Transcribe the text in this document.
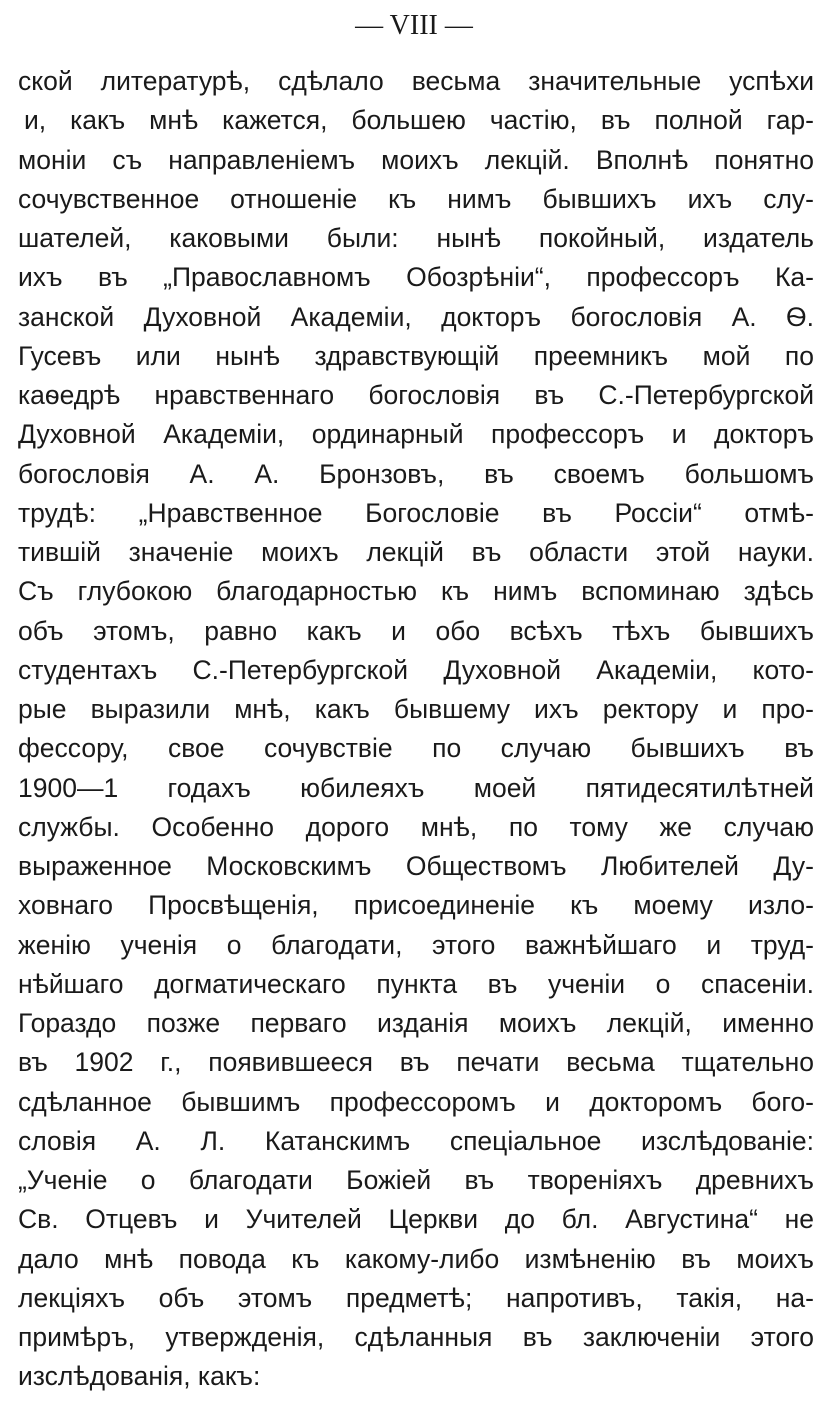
— VIII —
ской литературѣ, сдѣлало весьма значительные успѣхи
и, какъ мнѣ кажется, большею частію, въ полной гар-
моніи съ направленіемъ моихъ лекцій. Вполнѣ понятно
сочувственное отношеніе къ нимъ бывшихъ ихъ слу-
шателей, каковыми были: нынѣ покойный, издатель
ихъ въ „Православномъ Обозрѣніи“, профессоръ Ка-
занской Духовной Академіи, докторъ богословія А. Ѳ.
Гусевъ или нынѣ здравствующій преемникъ мой по
каѳедрѣ нравственнаго богословія въ С.-Петербургской
Духовной Академіи, ординарный профессоръ и докторъ
богословія А. А. Бронзовъ, въ своемъ большомъ
трудѣ: „Нравственное Богословіе въ Россіи“ отмѣ-
тившій значеніе моихъ лекцій въ области этой науки.
Съ глубокою благодарностью къ нимъ вспоминаю здѣсь
объ этомъ, равно какъ и обо всѣхъ тѣхъ бывшихъ
студентахъ С.-Петербургской Духовной Академіи, кото-
рые выразили мнѣ, какъ бывшему ихъ ректору и про-
фессору, свое сочувствіе по случаю бывшихъ въ
1900—1 годахъ юбилеяхъ моей пятидесятилѣтней
службы. Особенно дорого мнѣ, по тому же случаю
выраженное Московскимъ Обществомъ Любителей Ду-
ховнаго Просвѣщенія, присоединеніе къ моему изло-
женію ученія о благодати, этого важнѣйшаго и труд-
нѣйшаго догматическаго пункта въ ученіи о спасеніи.
Гораздо позже перваго изданія моихъ лекцій, именно
въ 1902 г., появившееся въ печати весьма тщательно
сдѣланное бывшимъ профессоромъ и докторомъ бого-
словія А. Л. Катанскимъ спеціальное изслѣдованіе:
„Ученіе о благодати Божіей въ твореніяхъ древнихъ
Св. Отцевъ и Учителей Церкви до бл. Августина“ не
дало мнѣ повода къ какому-либо измѣненію въ моихъ
лекціяхъ объ этомъ предметѣ; напротивъ, такія, на-
примѣръ, утвержденія, сдѣланныя въ заключеніи этого
изслѣдованія, какъ:
